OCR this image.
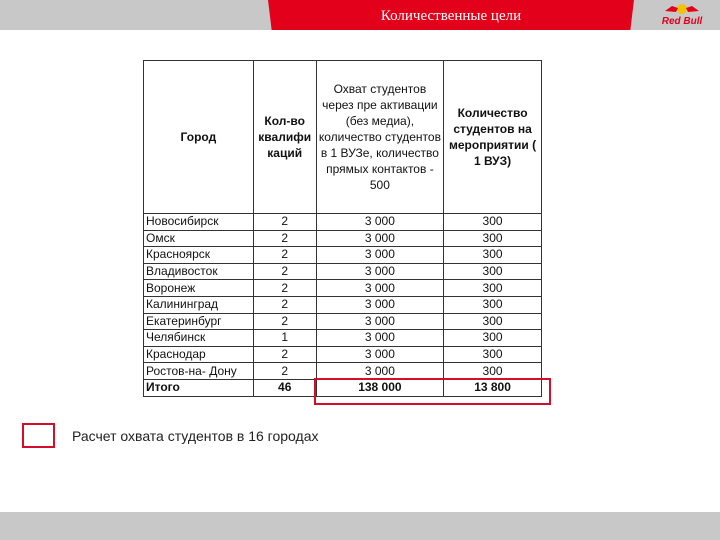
Количественные цели	Red Bull
Город	Кол-во квалифи каций	Охват студентов через пре активации (без медиа), количество студентов в 1 ВУЗе, количество прямых контактов - 500	Количество студентов на мероприятии ( 1 ВУЗ)
Новосибирск	2	3 000	300
Омск	2	3 000	300
Красноярск	2	3 000	300
Владивосток	2	3 000	300
Воронеж	2	3 000	300
Калининград	2	3 000	300
Екатеринбург	2	3 000	300
Челябинск	1	3 000	300
Краснодар	2	3 000	300
Ростов-на- Дону	2	3 000	300
Итого	46	138 000	13 800
Расчет охвата студентов в 16 городах
